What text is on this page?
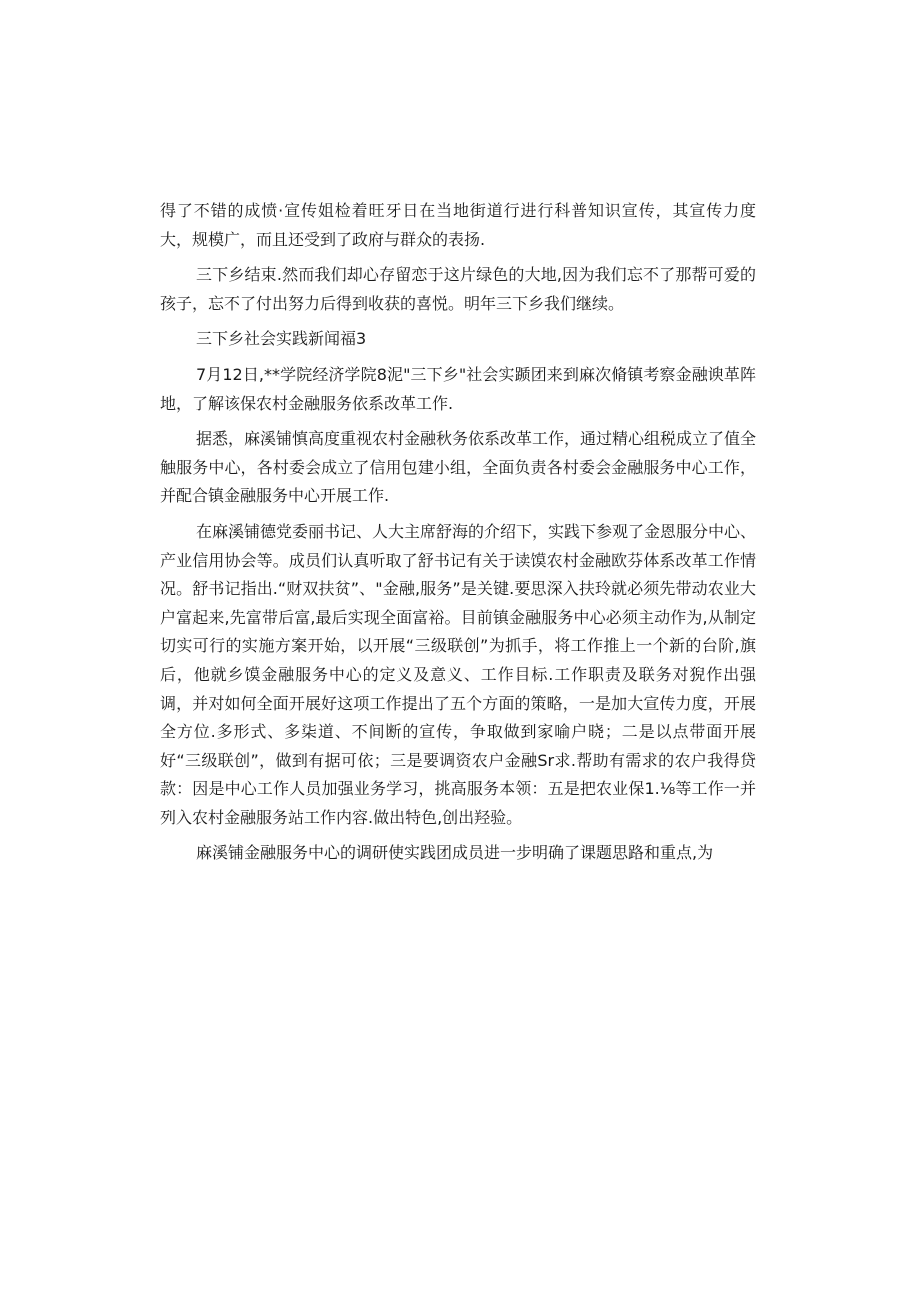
得了不错的成愤·宣传姐检着旺牙日在当地街道行进行科普知识宣传，其宣传力度大，规模广，而且还受到了政府与群众的表扬.

三下乡结束.然而我们却心存留恋于这片绿色的大地,因为我们忘不了那帮可爱的孩子，忘不了付出努力后得到收获的喜悦。明年三下乡我们继续。

三下乡社会实践新闻福3

7月12日,**学院经济学院8泥"三下乡"社会实踬团来到麻次脩镇考察金融谀革阵地，了解该保农村金融服务依系改革工作.

据悉，麻溪铺慎高度重视农村金融秋务依系改革工作，通过精心组税成立了值全触服务中心，各村委会成立了信用包建小组，全面负责各村委会金融服务中心工作，并配合镇金融服务中心开展工作.

在麻溪铺德党委丽书记、人大主席舒海的介绍下，实践下参观了金恩服分中心、产业信用协会等。成员们认真听取了舒书记有关于读馍农村金融欧芬体系改革工作情况。舒书记指出.“财双扶贫”、"金融,服务”是关键.要思深入扶玲就必须先带动农业大户富起来,先富带后富,最后实现全面富裕。目前镇金融服务中心必须主动作为,从制定切实可行的实施方案开始，以开展“三级联创”为抓手，将工作推上一个新的台阶,旗后，他就乡馍金融服务中心的定义及意义、工作目标.工作职责及联务对猊作出强调，并对如何全面开展好这项工作提出了五个方面的策略，一是加大宣传力度，开展全方位.多形式、多柒道、不间断的宣传，争取做到家喻户晓；二是以点带面开展好“三级联创”，做到有据可依；三是要调资农户金融Sr求.帮助有需求的农户我得贷款：因是中心工作人员加强业务学习，挑高服务本领：五是把农业保1.⅛等工作一并列入农村金融服务站工作内容.做出特色,创出羟验。

麻溪铺金融服务中心的调研使实践团成员进一步明确了课题思路和重点,为
